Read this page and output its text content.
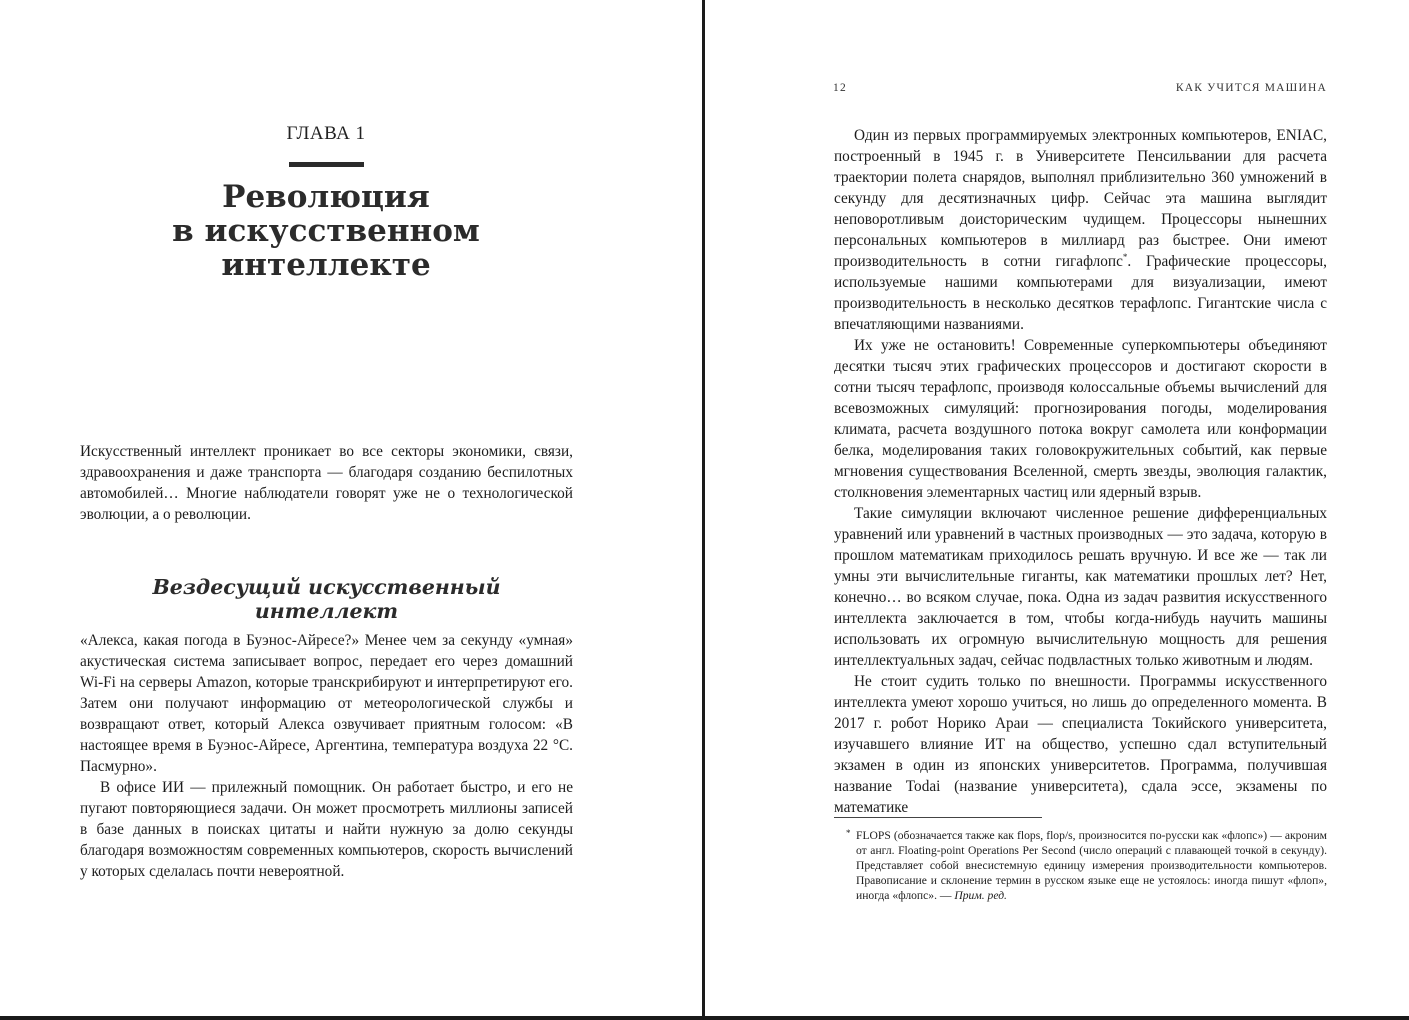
ГЛАВА 1
Революция
в искусственном
интеллекте

Искусственный интеллект проникает во все секторы экономики, связи, здравоохранения и даже транспорта — благодаря созданию беспилотных автомобилей… Многие наблюдатели говорят уже не о технологической эволюции, а о революции.

Вездесущий искусственный интеллект

«Алекса, какая погода в Буэнос-Айресе?» Менее чем за секунду «умная» акустическая система записывает вопрос, передает его через домашний Wi-Fi на серверы Amazon, которые транскрибируют и интерпретируют его. Затем они получают информацию от метеорологической службы и возвращают ответ, который Алекса озвучивает приятным голосом: «В настоящее время в Буэнос-Айресе, Аргентина, температура воздуха 22 °С. Пасмурно».

В офисе ИИ — прилежный помощник. Он работает быстро, и его не пугают повторяющиеся задачи. Он может просмотреть миллионы записей в базе данных в поисках цитаты и найти нужную за долю секунды благодаря возможностям современных компьютеров, скорость вычислений у которых сделалась почти невероятной.

12	КАК УЧИТСЯ МАШИНА

Один из первых программируемых электронных компьютеров, ENIAC, построенный в 1945 г. в Университете Пенсильвании для расчета траектории полета снарядов, выполнял приблизительно 360 умножений в секунду для десятизначных цифр. Сейчас эта машина выглядит неповоротливым доисторическим чудищем. Процессоры нынешних персональных компьютеров в миллиард раз быстрее. Они имеют производительность в сотни гигафлопс*. Графические процессоры, используемые нашими компьютерами для визуализации, имеют производительность в несколько десятков терафлопс. Гигантские числа с впечатляющими названиями.

Их уже не остановить! Современные суперкомпьютеры объединяют десятки тысяч этих графических процессоров и достигают скорости в сотни тысяч терафлопс, производя колоссальные объемы вычислений для всевозможных симуляций: прогнозирования погоды, моделирования климата, расчета воздушного потока вокруг самолета или конформации белка, моделирования таких головокружительных событий, как первые мгновения существования Вселенной, смерть звезды, эволюция галактик, столкновения элементарных частиц или ядерный взрыв.

Такие симуляции включают численное решение дифференциальных уравнений или уравнений в частных производных — это задача, которую в прошлом математикам приходилось решать вручную. И все же — так ли умны эти вычислительные гиганты, как математики прошлых лет? Нет, конечно… во всяком случае, пока. Одна из задач развития искусственного интеллекта заключается в том, чтобы когда-нибудь научить машины использовать их огромную вычислительную мощность для решения интеллектуальных задач, сейчас подвластных только животным и людям.

Не стоит судить только по внешности. Программы искусственного интеллекта умеют хорошо учиться, но лишь до определенного момента. В 2017 г. робот Норико Араи — специалиста Токийского университета, изучавшего влияние ИТ на общество, успешно сдал вступительный экзамен в один из японских университетов. Программа, получившая название Todai (название университета), сдала эссе, экзамены по математике

* FLOPS (обозначается также как flops, flop/s, произносится по-русски как «флопс») — акроним от англ. Floating-point Operations Per Second (число операций с плавающей точкой в секунду). Представляет собой внесистемную единицу измерения производительности компьютеров. Правописание и склонение термин в русском языке еще не устоялось: иногда пишут «флоп», иногда «флопс». — Прим. ред.
